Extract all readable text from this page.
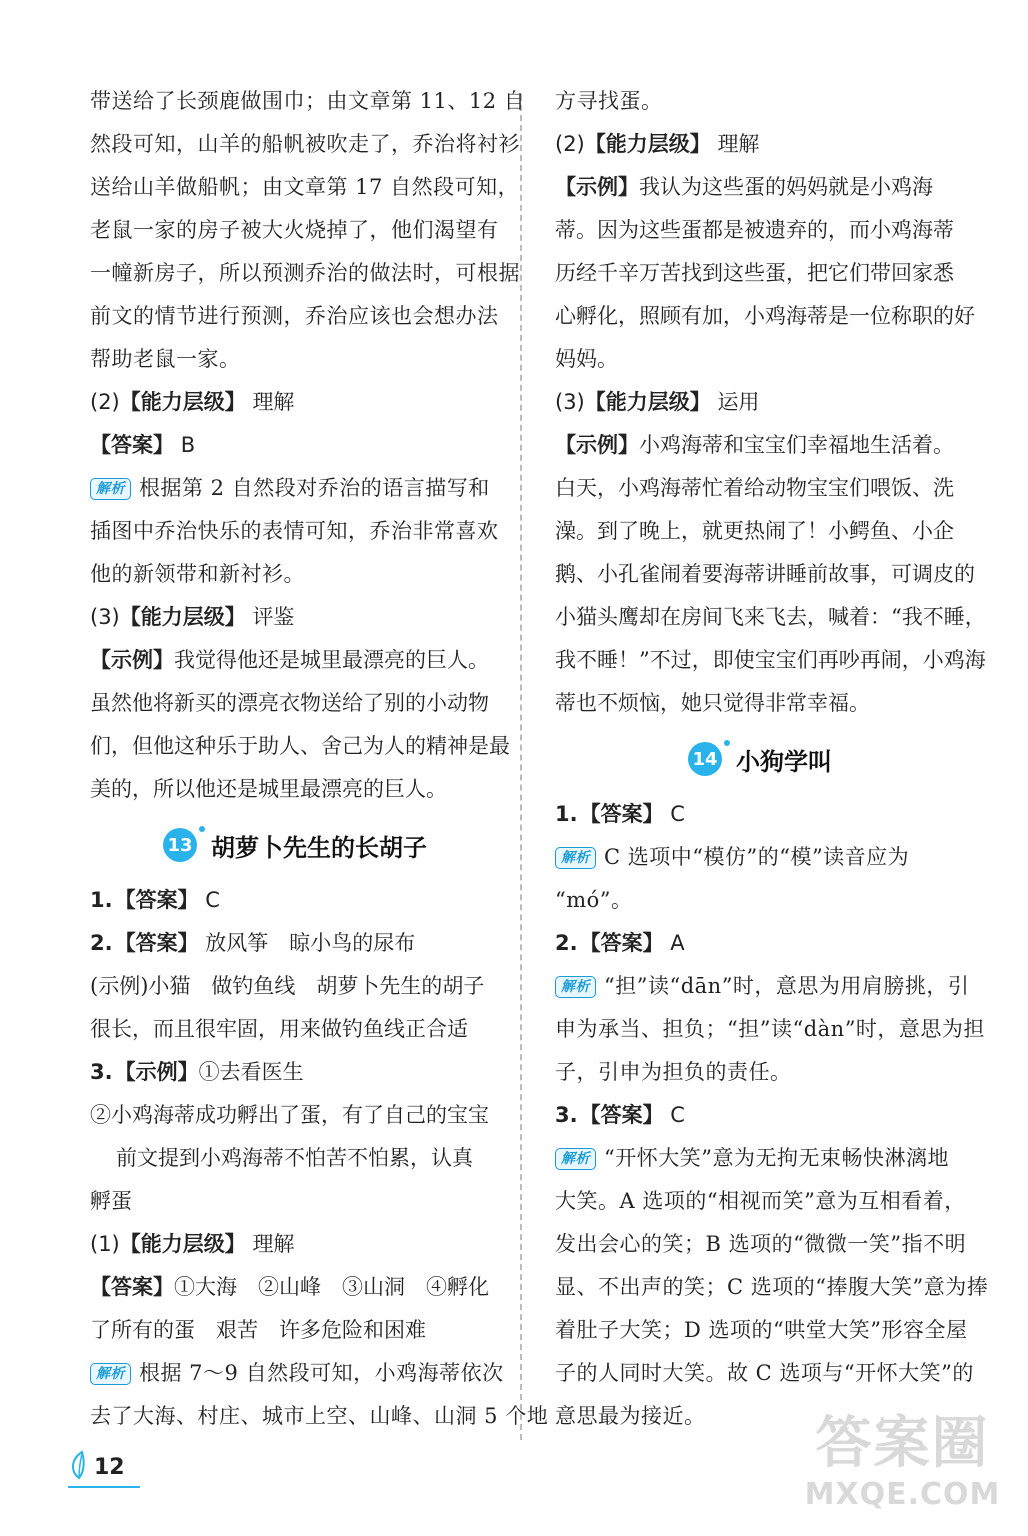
带送给了长颈鹿做围巾；由文章第 11、12 自
然段可知，山羊的船帆被吹走了，乔治将衬衫
送给山羊做船帆；由文章第 17 自然段可知，
老鼠一家的房子被大火烧掉了，他们渴望有
一幢新房子，所以预测乔治的做法时，可根据
前文的情节进行预测，乔治应该也会想办法
帮助老鼠一家。
(2)【能力层级】 理解
【答案】 B
解析 根据第 2 自然段对乔治的语言描写和
插图中乔治快乐的表情可知，乔治非常喜欢
他的新领带和新衬衫。
(3)【能力层级】 评鉴
【示例】我觉得他还是城里最漂亮的巨人。
虽然他将新买的漂亮衣物送给了别的小动物
们，但他这种乐于助人、舍己为人的精神是最
美的，所以他还是城里最漂亮的巨人。
13 胡萝卜先生的长胡子
1.【答案】 C
2.【答案】 放风筝　晾小鸟的尿布
(示例)小猫　做钓鱼线　胡萝卜先生的胡子
很长，而且很牢固，用来做钓鱼线正合适
3.【示例】①去看医生
②小鸡海蒂成功孵出了蛋，有了自己的宝宝
前文提到小鸡海蒂不怕苦不怕累，认真
孵蛋
(1)【能力层级】 理解
【答案】①大海　②山峰　③山洞　④孵化
了所有的蛋　艰苦　许多危险和困难
解析 根据 7～9 自然段可知，小鸡海蒂依次
去了大海、村庄、城市上空、山峰、山洞 5 个地
方寻找蛋。
(2)【能力层级】 理解
【示例】我认为这些蛋的妈妈就是小鸡海
蒂。因为这些蛋都是被遗弃的，而小鸡海蒂
历经千辛万苦找到这些蛋，把它们带回家悉
心孵化，照顾有加，小鸡海蒂是一位称职的好
妈妈。
(3)【能力层级】 运用
【示例】小鸡海蒂和宝宝们幸福地生活着。
白天，小鸡海蒂忙着给动物宝宝们喂饭、洗
澡。到了晚上，就更热闹了！小鳄鱼、小企
鹅、小孔雀闹着要海蒂讲睡前故事，可调皮的
小猫头鹰却在房间飞来飞去，喊着：“我不睡，
我不睡！”不过，即使宝宝们再吵再闹，小鸡海
蒂也不烦恼，她只觉得非常幸福。
14 小狗学叫
1.【答案】 C
解析 C 选项中“模仿”的“模”读音应为
“mó”。
2.【答案】 A
解析 “担”读“dān”时，意思为用肩膀挑，引
申为承当、担负；“担”读“dàn”时，意思为担
子，引申为担负的责任。
3.【答案】 C
解析 “开怀大笑”意为无拘无束畅快淋漓地
大笑。A 选项的“相视而笑”意为互相看着，
发出会心的笑；B 选项的“微微一笑”指不明
显、不出声的笑；C 选项的“捧腹大笑”意为捧
着肚子大笑；D 选项的“哄堂大笑”形容全屋
子的人同时大笑。故 C 选项与“开怀大笑”的
意思最为接近。
12	答案圈
MXQE.COM
